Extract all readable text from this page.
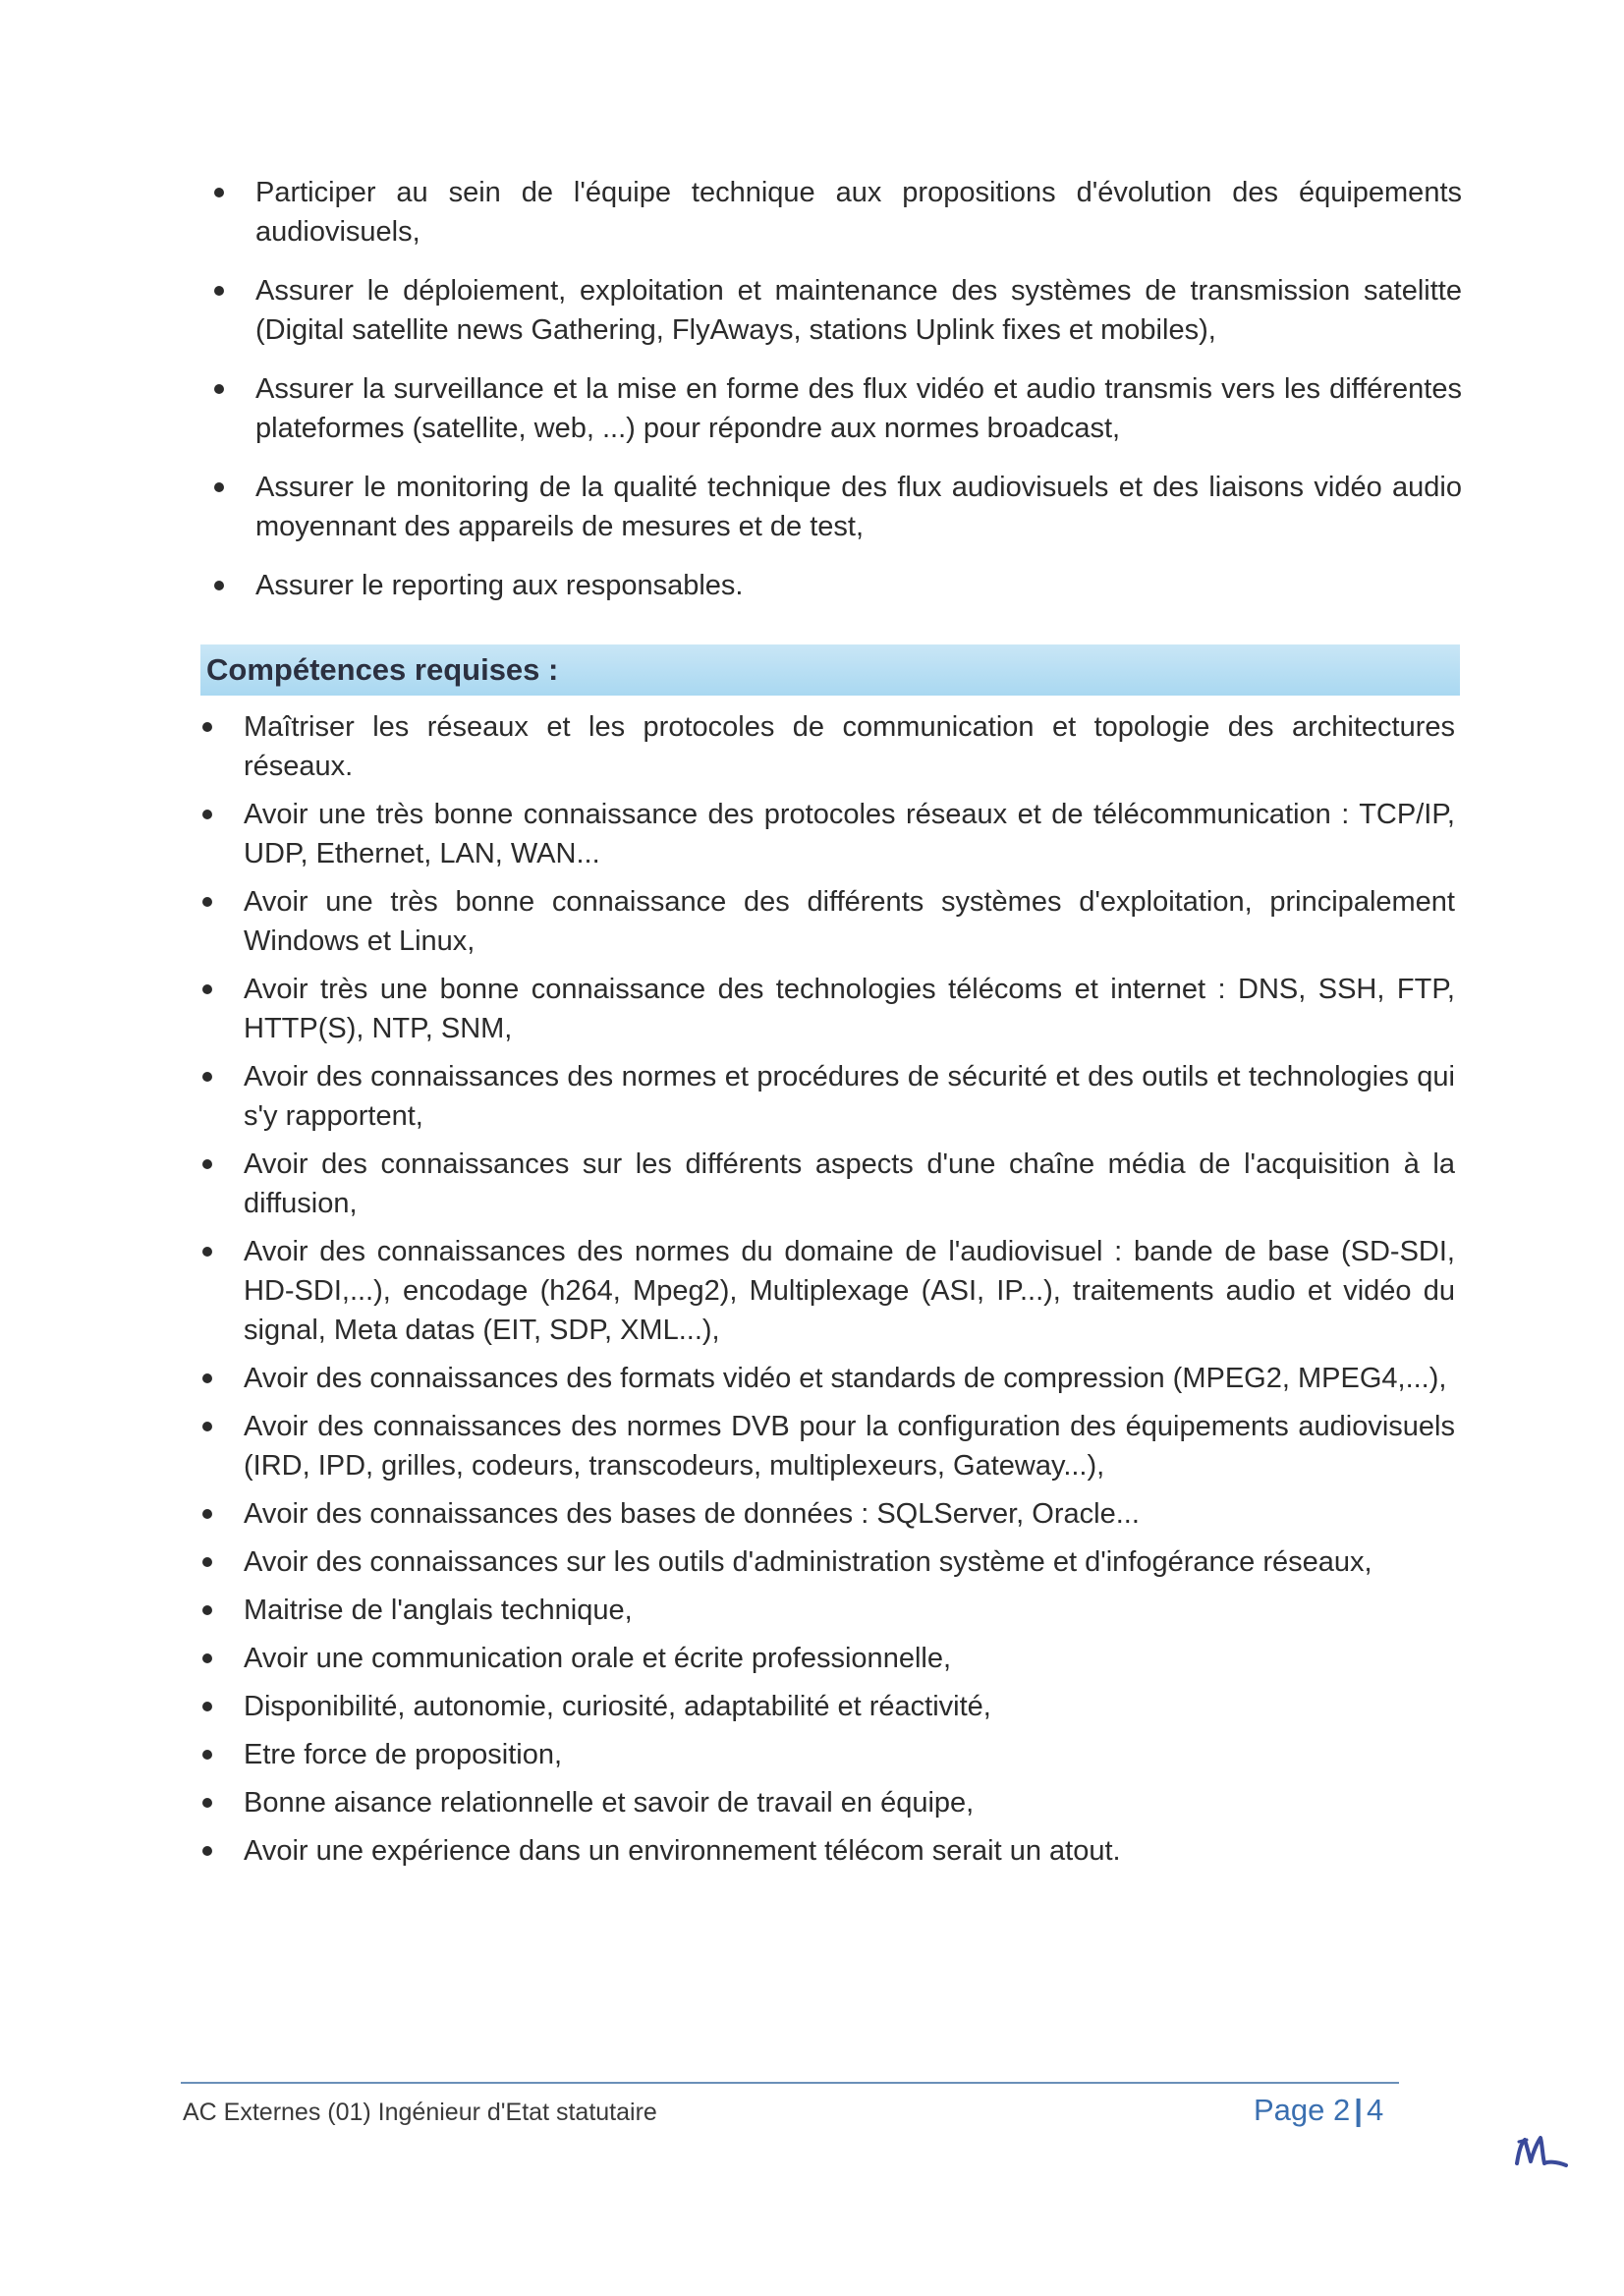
Participer au sein de l'équipe technique aux propositions d'évolution des équipements audiovisuels,
Assurer le déploiement, exploitation et maintenance des systèmes de transmission satelitte (Digital satellite news Gathering, FlyAways, stations Uplink fixes et mobiles),
Assurer la surveillance et la mise en forme des flux vidéo et audio transmis vers les différentes plateformes (satellite, web, ...) pour répondre aux normes broadcast,
Assurer le monitoring de la qualité technique des flux audiovisuels et des liaisons vidéo audio moyennant des appareils de mesures et de test,
Assurer le reporting aux responsables.
Compétences requises :
Maîtriser les réseaux et les protocoles de communication et topologie des architectures réseaux.
Avoir une très bonne connaissance des protocoles réseaux et de télécommunication : TCP/IP, UDP, Ethernet, LAN, WAN...
Avoir une très bonne connaissance des différents systèmes d'exploitation, principalement Windows et Linux,
Avoir très une bonne connaissance des technologies télécoms et internet : DNS, SSH, FTP, HTTP(S), NTP, SNM,
Avoir des connaissances des normes et procédures de sécurité et des outils et technologies qui s'y rapportent,
Avoir des connaissances sur les différents aspects d'une chaîne média de l'acquisition à la diffusion,
Avoir des connaissances des normes du domaine de l'audiovisuel : bande de base (SD-SDI, HD-SDI,...), encodage (h264, Mpeg2), Multiplexage (ASI, IP...), traitements audio et vidéo du signal, Meta datas (EIT, SDP, XML...),
Avoir des connaissances des formats vidéo et standards de compression (MPEG2, MPEG4,...),
Avoir des connaissances des normes DVB pour la configuration des équipements audiovisuels (IRD, IPD, grilles, codeurs, transcodeurs, multiplexeurs, Gateway...),
Avoir des connaissances des bases de données : SQLServer, Oracle...
Avoir des connaissances sur les outils d'administration système et d'infogérance réseaux,
Maitrise de l'anglais technique,
Avoir une communication orale et écrite professionnelle,
Disponibilité, autonomie, curiosité, adaptabilité et réactivité,
Etre force de proposition,
Bonne aisance relationnelle et savoir de travail en équipe,
Avoir une expérience dans un environnement télécom serait un atout.
AC Externes (01) Ingénieur d'Etat statutaire	Page 2 | 4
